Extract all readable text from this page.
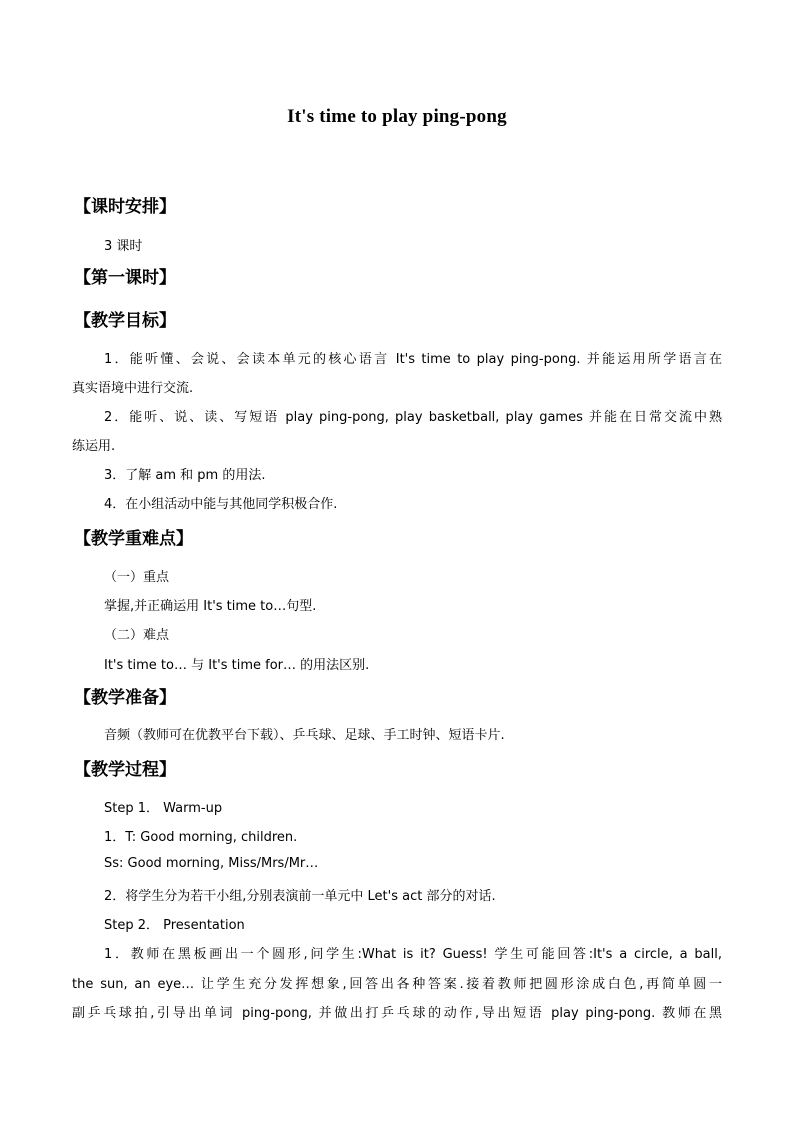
It's time to play ping-pong
【课时安排】
3 课时
【第一课时】
【教学目标】
1．能听懂、会说、会读本单元的核心语言 It's time to play ping-pong. 并能运用所学语言在
真实语境中进行交流.
2．能听、说、读、写短语 play ping-pong, play basketball, play games 并能在日常交流中熟
练运用.
3．了解 am 和 pm 的用法.
4．在小组活动中能与其他同学积极合作.
【教学重难点】
（一）重点
掌握,并正确运用 It's time to…句型.
（二）难点
It's time to… 与 It's time for… 的用法区别.
【教学准备】
音频（教师可在优教平台下载）、乒乓球、足球、手工时钟、短语卡片.
【教学过程】
Step 1． Warm-up
1．T: Good morning, children.
Ss: Good morning, Miss/Mrs/Mr…
2．将学生分为若干小组,分别表演前一单元中 Let's act 部分的对话.
Step 2． Presentation
1．教师在黑板画出一个圆形,问学生:What is it? Guess! 学生可能回答:It's a circle, a ball,
the sun, an eye… 让学生充分发挥想象,回答出各种答案.接着教师把圆形涂成白色,再简单圆一
副乒乓球拍,引导出单词 ping-pong, 并做出打乒乓球的动作,导出短语 play ping-pong. 教师在黑
